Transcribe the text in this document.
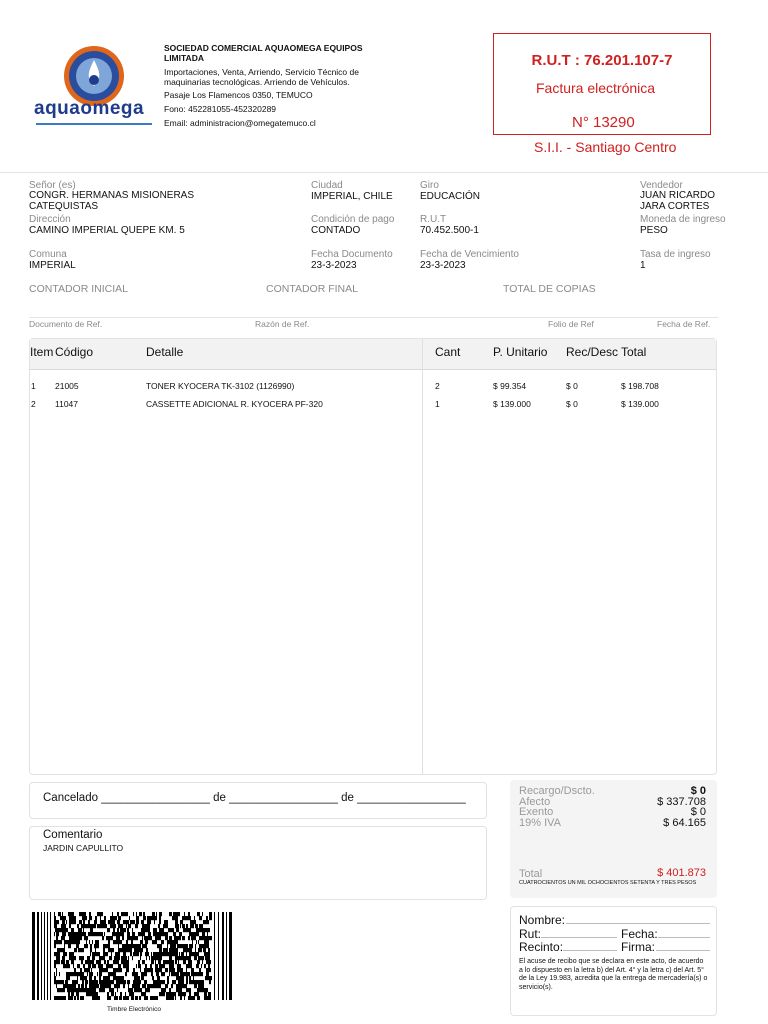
aquaomega
SOCIEDAD COMERCIAL AQUAOMEGA EQUIPOS LIMITADA
Importaciones, Venta, Arriendo, Servicio Técnico de maquinarias tecnológicas. Arriendo de Vehículos.
Pasaje Los Flamencos 0350, TEMUCO
Fono: 452281055-452320289
Email: administracion@omegatemuco.cl
R.U.T : 76.201.107-7
Factura electrónica
N° 13290
S.I.I. - Santiago Centro
Señor (es)
CONGR. HERMANAS MISIONERAS CATEQUISTAS
Ciudad
IMPERIAL, CHILE
Giro
EDUCACIÓN
Vendedor
JUAN RICARDO JARA CORTES
Dirección
CAMINO IMPERIAL QUEPE KM. 5
Condición de pago
CONTADO
R.U.T
70.452.500-1
Moneda de ingreso
PESO
Comuna
IMPERIAL
Fecha Documento
23-3-2023
Fecha de Vencimiento
23-3-2023
Tasa de ingreso
1
CONTADOR INICIAL	CONTADOR FINAL	TOTAL DE COPIAS
Documento de Ref.	Razón de Ref.	Folio de Ref	Fecha de Ref.
Item Código	Detalle	Cant	P. Unitario Rec/Desc Total
1 21005	TONER KYOCERA TK-3102 (1126990)	2	$ 99.354	$ 0	$ 198.708
2 11047	CASSETTE ADICIONAL R. KYOCERA PF-320	1	$ 139.000	$ 0	$ 139.000
Cancelado _________________ de _________________ de _________________
Comentario
JARDIN CAPULLITO
Recargo/Dscto.	$ 0
Afecto	$ 337.708
Exento	$ 0
19% IVA	$ 64.165
Total	$ 401.873
CUATROCIENTOS UN MIL OCHOCIENTOS SETENTA Y TRES PESOS
Timbre Electrónico
Nombre:
Rut:	Fecha:
Recinto:	Firma:
El acuse de recibo que se declara en este acto, de acuerdo a lo dispuesto en la letra b) del Art. 4° y la letra c) del Art. 5° de la Ley 19.983, acredita que la entrega de mercadería(s) o servicio(s).
